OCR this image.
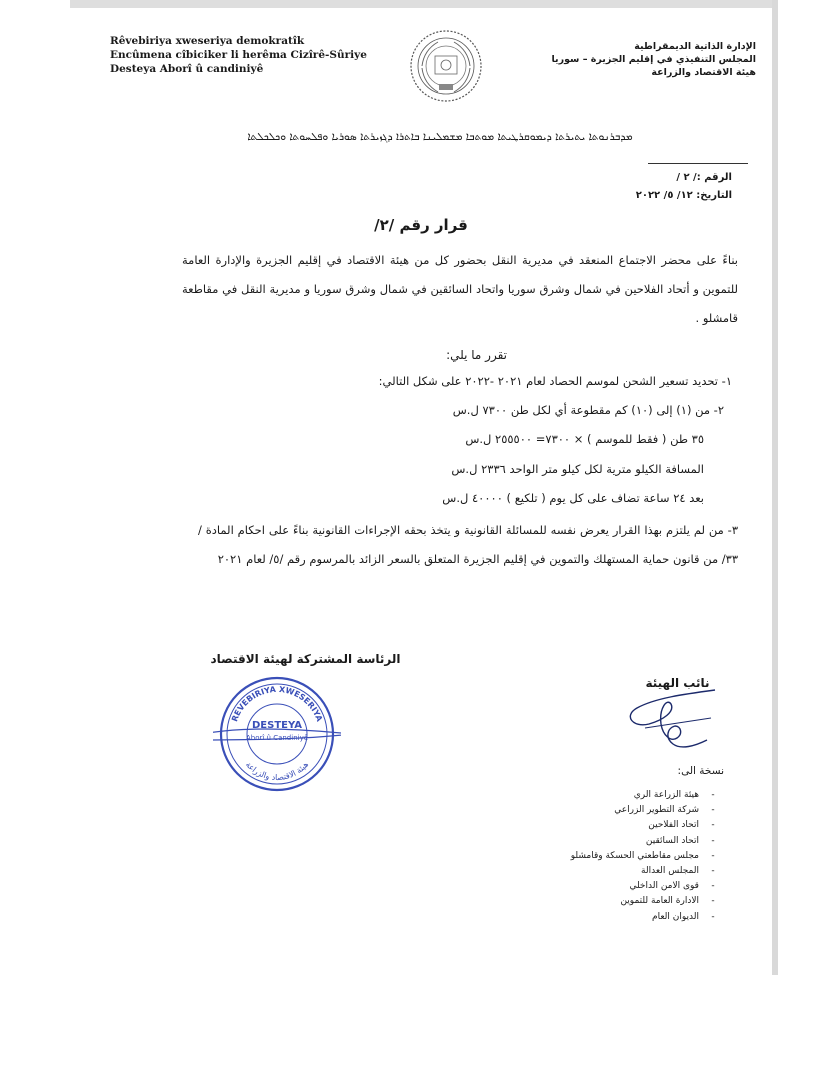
Rêvebiriya xweseriya demokratîk
Encûmena cîbiciker li herêma Cizîrê-Sûriye
Desteya Aborî û candiniyê
الإدارة الذاتية الديمقراطية
المجلس التنفيذي في إقليم الجزيرة – سوريا
هيئة الاقتصاد والزراعة
ܡܕܒܪܢܘܬܐ ܝܬܝܪܬܐ ܕܝܡܘܩܪܛܝܬܐ ܡܘܬܒܐ ܡܫܡܠܝܢܐ ܒܐܬܪܐ ܕܓܙܝܪܬܐ ܣܘܪܝܐ ܘܦܠܚܘܬܐ ܘܟܠܟܠܬܐ
الرقم :/ ٢ /
التاريخ: ١٢/ ٥/ ٢٠٢٢
قرار رقم /٢/
بناءً على محضر الاجتماع المنعقد في مديرية النقل بحضور كل من هيئة الاقتصاد في إقليم الجزيرة والإدارة العامة للتموين و أتحاد الفلاحين في شمال وشرق سوريا واتحاد السائقين في شمال وشرق سوريا و مديرية النقل في مقاطعة قامشلو .
تقرر ما يلي:
١- تحديد تسعير الشحن لموسم الحصاد لعام ٢٠٢١ -٢٠٢٢ على شكل التالي:
٢- من (١) إلى (١٠) كم مقطوعة أي لكل طن ٧٣٠٠ ل.س
٣٥ طن ( فقط للموسم ) × ٧٣٠٠= ٢٥٥٥٠٠ ل.س
المسافة الكيلو مترية لكل كيلو متر الواحد ٢٣٣٦ ل.س
بعد ٢٤ ساعة تضاف على كل يوم ( تلكيع ) ٤٠٠٠٠ ل.س
٣- من لم يلتزم بهذا القرار يعرض نفسه للمسائلة القانونية و يتخذ بحقه الإجراءات القانونية بناءً على احكام المادة /٣٣/ من قانون حماية المستهلك والتموين في إقليم الجزيرة المتعلق بالسعر الزائد بالمرسوم رقم /٥/ لعام ٢٠٢١
الرئاسة المشتركة لهيئة الاقتصاد
REVEBIRIYA XWESERIYA
هيئة الاقتصاد والزراعة
DESTEYA
Aborî û Candiniyê
نائب الهيئة
نسخة الى:
-
هيئة الزراعة الري
-
شركة التطوير الزراعي
-
اتحاد الفلاحين
-
اتحاد السائقين
-
مجلس مقاطعتي الحسكة وقامشلو
-
المجلس العدالة
-
قوى الامن الداخلي
-
الادارة العامة للتموين
-
الديوان العام
